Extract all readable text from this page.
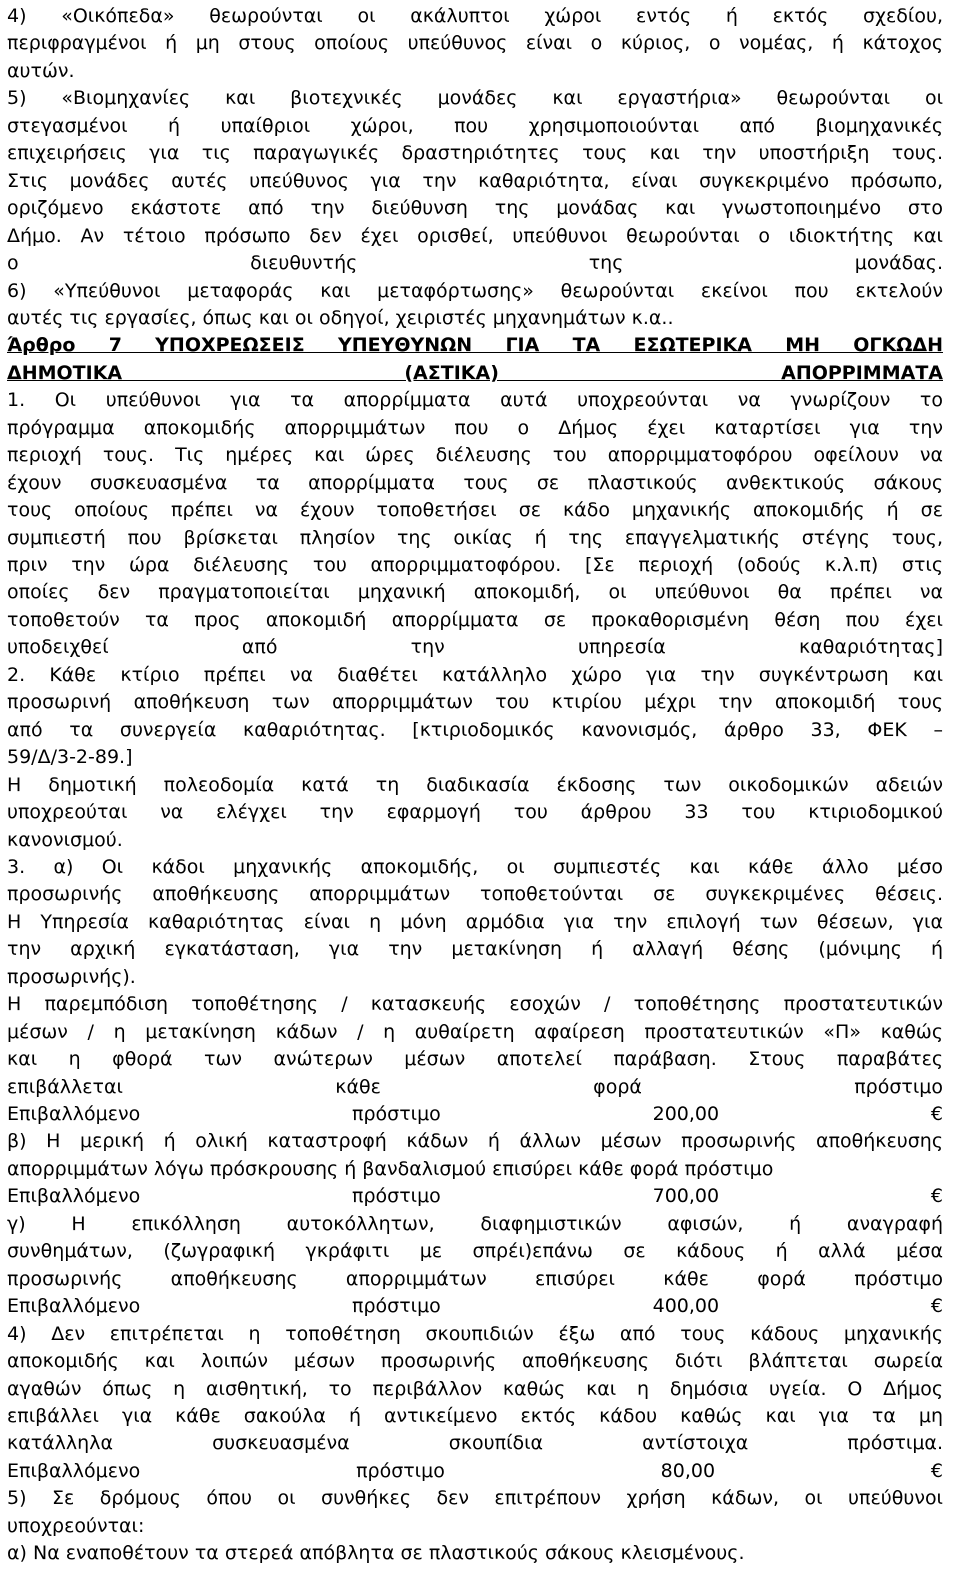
4) «Οικόπεδα» θεωρούνται οι ακάλυπτοι χώροι εντός ή εκτός σχεδίου,
περιφραγμένοι ή μη στους οποίους υπεύθυνος είναι ο κύριος, ο νομέας, ή κάτοχος
αυτών.
5) «Βιομηχανίες και βιοτεχνικές μονάδες και εργαστήρια» θεωρούνται οι
στεγασμένοι ή υπαίθριοι χώροι, που χρησιμοποιούνται από βιομηχανικές
επιχειρήσεις για τις παραγωγικές δραστηριότητες τους και την υποστήριξη τους.
Στις μονάδες αυτές υπεύθυνος για την καθαριότητα, είναι συγκεκριμένο πρόσωπο,
οριζόμενο εκάστοτε από την διεύθυνση της μονάδας και γνωστοποιημένο στο
Δήμο. Αν τέτοιο πρόσωπο δεν έχει ορισθεί, υπεύθυνοι θεωρούνται ο ιδιοκτήτης και
ο διευθυντής της μονάδας.
6) «Υπεύθυνοι μεταφοράς και μεταφόρτωσης» θεωρούνται εκείνοι που εκτελούν
αυτές τις εργασίες, όπως και οι οδηγοί, χειριστές μηχανημάτων κ.α..
Άρθρο 7 ΥΠΟΧΡΕΩΣΕΙΣ ΥΠΕΥΘΥΝΩΝ ΓΙΑ ΤΑ ΕΣΩΤΕΡΙΚΑ ΜΗ ΟΓΚΩΔΗ
ΔΗΜΟΤΙΚΑ (ΑΣΤΙΚΑ) ΑΠΟΡΡΙΜΜΑΤΑ
1. Οι υπεύθυνοι για τα απορρίμματα αυτά υποχρεούνται να γνωρίζουν το
πρόγραμμα αποκομιδής απορριμμάτων που ο Δήμος έχει καταρτίσει για την
περιοχή τους. Τις ημέρες και ώρες διέλευσης του απορριμματοφόρου οφείλουν να
έχουν συσκευασμένα τα απορρίμματα τους σε πλαστικούς ανθεκτικούς σάκους
τους οποίους πρέπει να έχουν τοποθετήσει σε κάδο μηχανικής αποκομιδής ή σε
συμπιεστή που βρίσκεται πλησίον της οικίας ή της επαγγελματικής στέγης τους,
πριν την ώρα διέλευσης του απορριμματοφόρου. [Σε περιοχή (οδούς κ.λ.π) στις
οποίες δεν πραγματοποιείται μηχανική αποκομιδή, οι υπεύθυνοι θα πρέπει να
τοποθετούν τα προς αποκομιδή απορρίμματα σε προκαθορισμένη θέση που έχει
υποδειχθεί από την υπηρεσία καθαριότητας]
2. Κάθε κτίριο πρέπει να διαθέτει κατάλληλο χώρο για την συγκέντρωση και
προσωρινή αποθήκευση των απορριμμάτων του κτιρίου μέχρι την αποκομιδή τους
από τα συνεργεία καθαριότητας. [κτιριοδομικός κανονισμός, άρθρο 33, ΦΕΚ –
59/Δ/3-2-89.]
Η δημοτική πολεοδομία κατά τη διαδικασία έκδοσης των οικοδομικών αδειών
υποχρεούται να ελέγχει την εφαρμογή του άρθρου 33 του κτιριοδομικού
κανονισμού.
3. α) Οι κάδοι μηχανικής αποκομιδής, οι συμπιεστές και κάθε άλλο μέσο
προσωρινής αποθήκευσης απορριμμάτων τοποθετούνται σε συγκεκριμένες θέσεις.
Η Υπηρεσία καθαριότητας είναι η μόνη αρμόδια για την επιλογή των θέσεων, για
την αρχική εγκατάσταση, για την μετακίνηση ή αλλαγή θέσης (μόνιμης ή
προσωρινής).
Η παρεμπόδιση τοποθέτησης / κατασκευής εσοχών / τοποθέτησης προστατευτικών
μέσων / η μετακίνηση κάδων / η αυθαίρετη αφαίρεση προστατευτικών «Π» καθώς
και η φθορά των ανώτερων μέσων αποτελεί παράβαση. Στους παραβάτες
επιβάλλεται κάθε φορά πρόστιμο
Επιβαλλόμενο πρόστιμο 200,00 €
β) Η μερική ή ολική καταστροφή κάδων ή άλλων μέσων προσωρινής αποθήκευσης
απορριμμάτων λόγω πρόσκρουσης ή βανδαλισμού επισύρει κάθε φορά πρόστιμο
Επιβαλλόμενο πρόστιμο 700,00 €
γ) Η επικόλληση αυτοκόλλητων, διαφημιστικών αφισών, ή αναγραφή
συνθημάτων, (ζωγραφική γκράφιτι με σπρέι)επάνω σε κάδους ή αλλά μέσα
προσωρινής αποθήκευσης απορριμμάτων επισύρει κάθε φορά πρόστιμο
Επιβαλλόμενο πρόστιμο 400,00 €
4) Δεν επιτρέπεται η τοποθέτηση σκουπιδιών έξω από τους κάδους μηχανικής
αποκομιδής και λοιπών μέσων προσωρινής αποθήκευσης διότι βλάπτεται σωρεία
αγαθών όπως η αισθητική, το περιβάλλον καθώς και η δημόσια υγεία. Ο Δήμος
επιβάλλει για κάθε σακούλα ή αντικείμενο εκτός κάδου καθώς και για τα μη
κατάλληλα συσκευασμένα σκουπίδια αντίστοιχα πρόστιμα.
Επιβαλλόμενο πρόστιμο 80,00 €
5) Σε δρόμους όπου οι συνθήκες δεν επιτρέπουν χρήση κάδων, οι υπεύθυνοι
υποχρεούνται:
α) Να εναποθέτουν τα στερεά απόβλητα σε πλαστικούς σάκους κλεισμένους.
